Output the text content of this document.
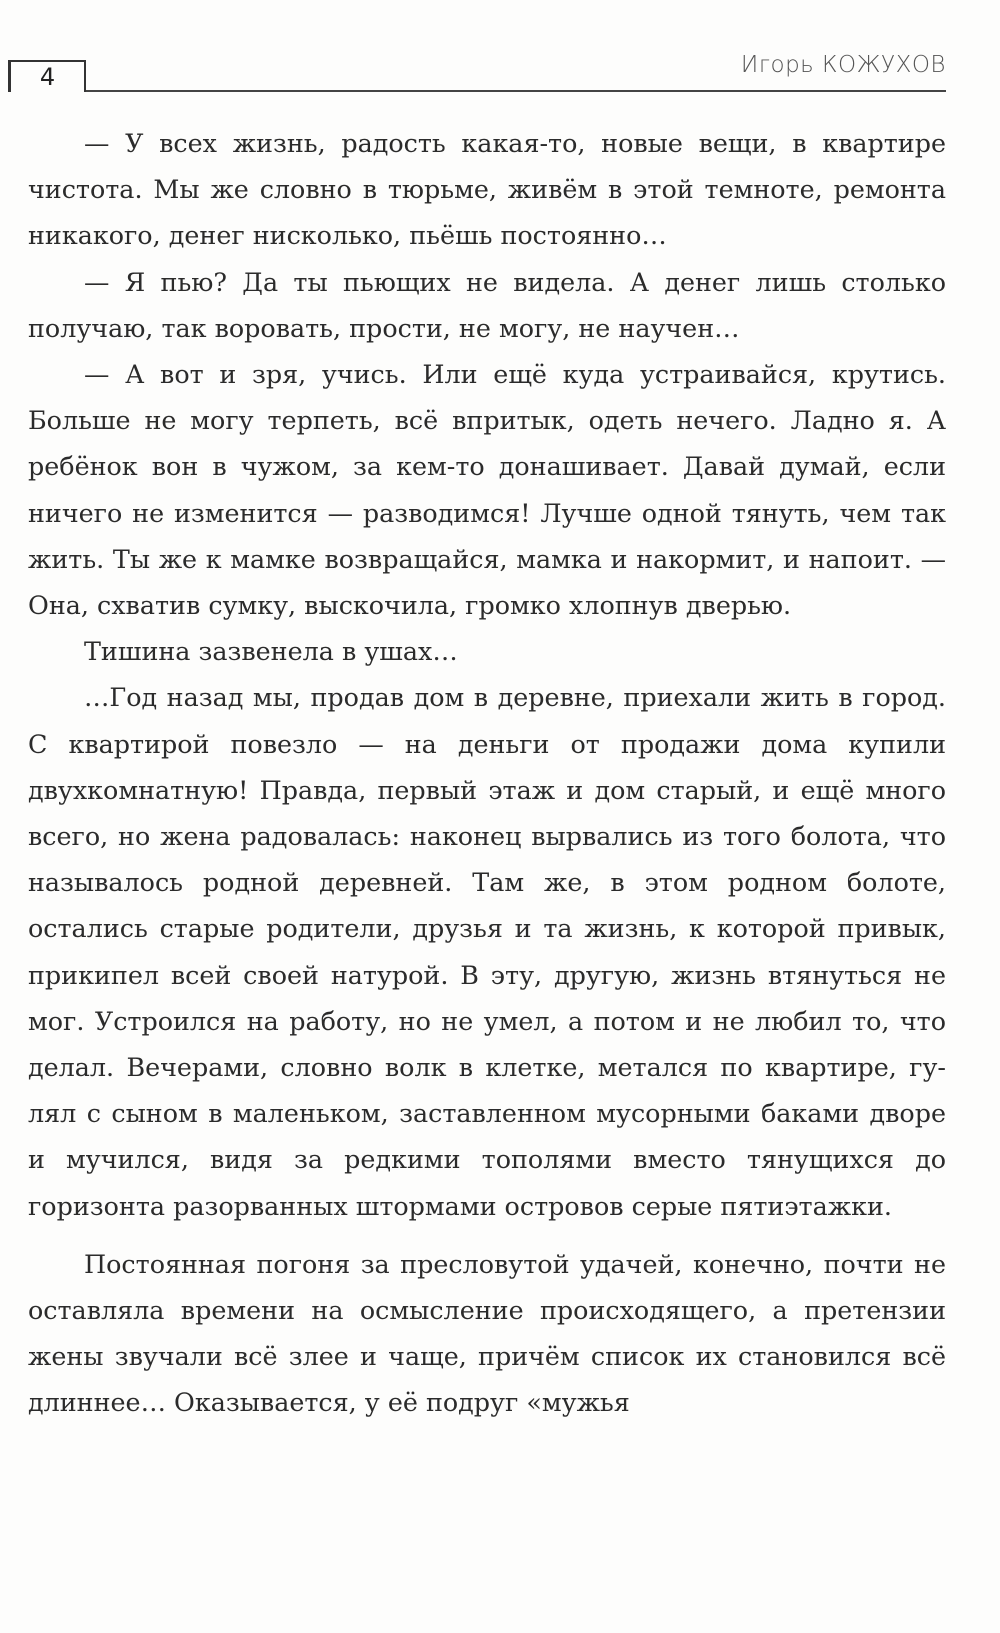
4	Игорь КОЖУХОВ

— У всех жизнь, радость какая-то, новые вещи, в квартире чистота. Мы же словно в тюрьме, живём в этой темноте, ремонта никакого, денег нисколько, пьёшь постоянно…

— Я пью? Да ты пьющих не видела. А денег лишь столько получаю, так воровать, прости, не могу, не научен…

— А вот и зря, учись. Или ещё куда устраивайся, крутись. Больше не могу терпеть, всё впритык, одеть нечего. Ладно я. А ребёнок вон в чужом, за кем-то донашивает. Давай думай, если ничего не изменится — разводимся! Лучше одной тянуть, чем так жить. Ты же к мамке возвращайся, мамка и накормит, и напоит. — Она, схватив сумку, выскочила, громко хлопнув дверью.

Тишина зазвенела в ушах…

…Год назад мы, продав дом в деревне, приехали жить в город. С квартирой повезло — на деньги от продажи дома купили двухкомнатную! Правда, первый этаж и дом старый, и ещё много всего, но жена радовалась: наконец вырвались из того болота, что называлось родной деревней. Там же, в этом родном болоте, остались старые родители, друзья и та жизнь, к которой привык, прикипел всей своей натурой. В эту, другую, жизнь втянуться не мог. Устроился на работу, но не умел, а потом и не любил то, что делал. Вечерами, словно волк в клетке, метался по квартире, гулял с сыном в маленьком, заставленном мусорными баками дворе и мучился, видя за редкими тополями вместо тянущихся до горизонта разорванных штормами островов серые пятиэтажки.

Постоянная погоня за пресловутой удачей, конечно, почти не оставляла времени на осмысление происходящего, а претензии жены звучали всё злее и чаще, причём список их становился всё длиннее… Оказывается, у её подруг «мужья
